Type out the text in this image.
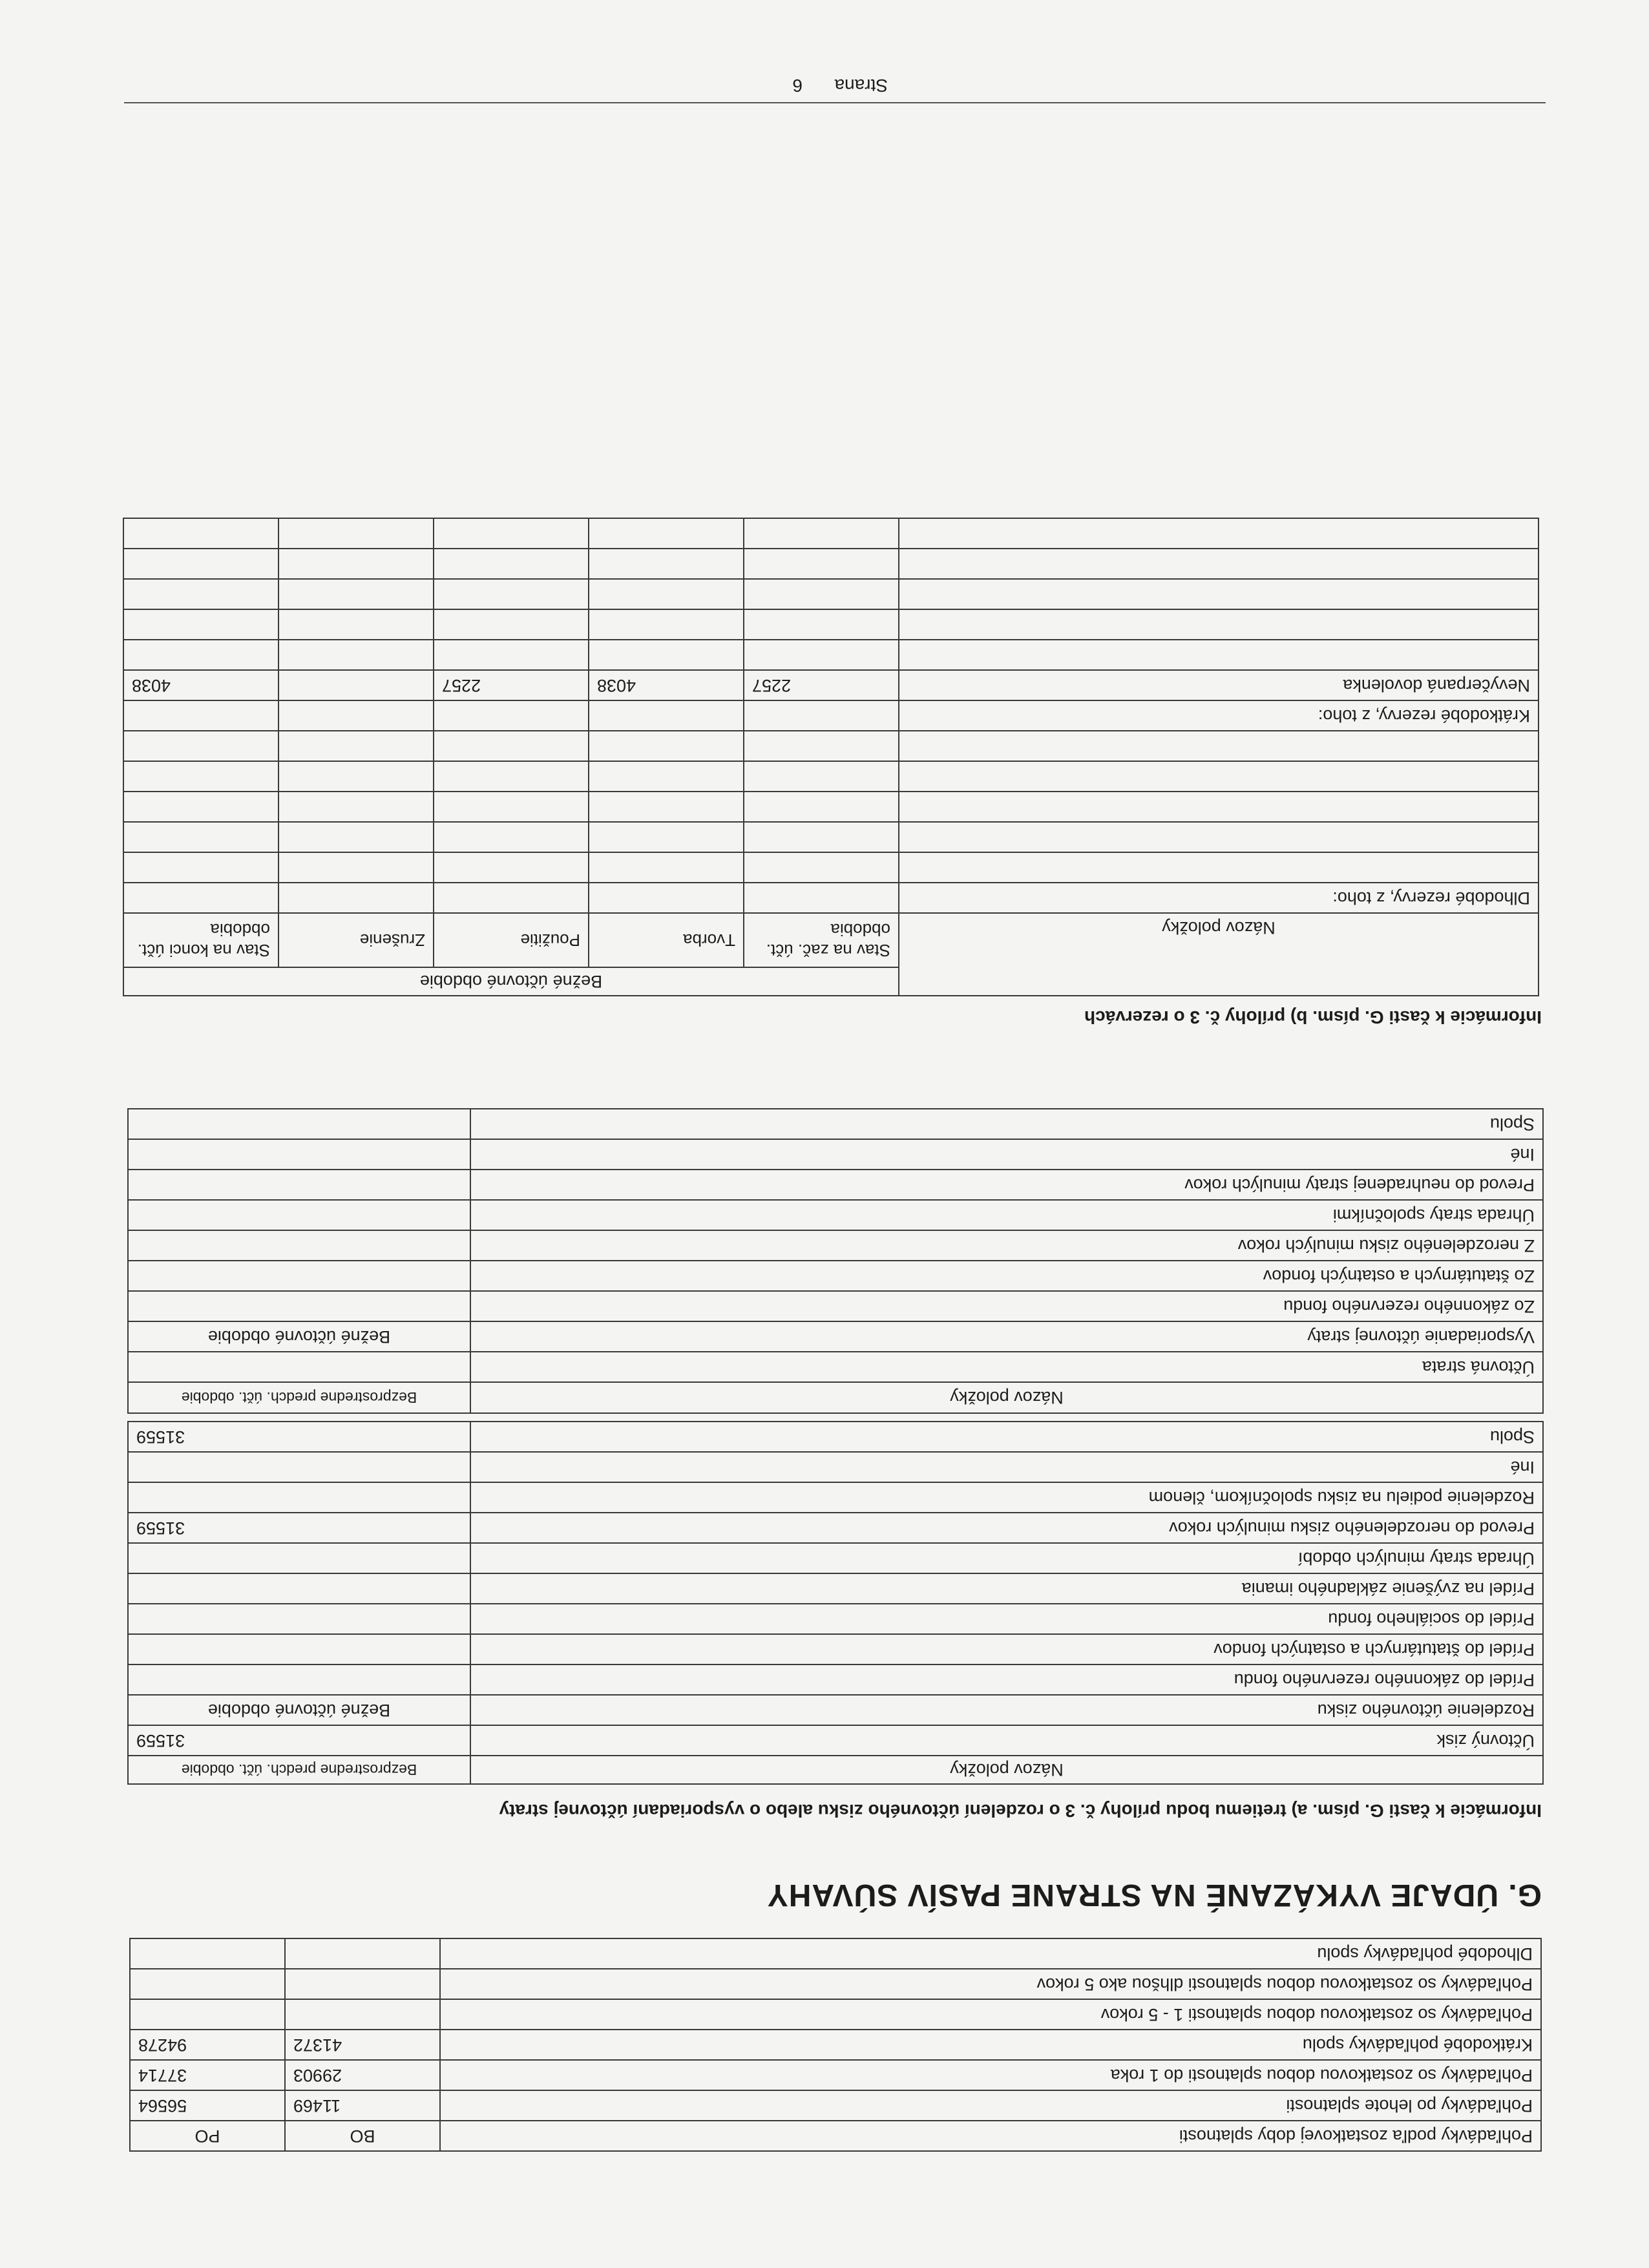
Pohľadávky podľa zostatkovej doby splatnosti	BO	PO
Pohľadávky po lehote splatnosti	11469	56564
Pohľadávky so zostatkovou dobou splatnosti do 1 roka	29903	37714
Krátkodobé pohľadávky spolu	41372	94278
Pohľadávky so zostatkovou dobou splatnosti 1 - 5 rokov		
Pohľadávky so zostatkovou dobou splatnosti dlhšou ako 5 rokov		
Dlhodobé pohľadávky spolu		
G. ÚDAJE VYKÁZANÉ NA STRANE PASÍV SÚVAHY
Informácie k časti G. písm. a) tretiemu bodu prílohy č. 3 o rozdelení účtovného zisku alebo o vysporiadaní účtovnej straty
Názov položky	Bezprostredne predch. účt. obdobie
Účtovný zisk	31559
Rozdelenie účtovného zisku	Bežné účtovné obdobie
Prídel do zákonného rezervného fondu	
Prídel do štatutárnych a ostatných fondov	
Prídel do sociálneho fondu	
Prídel na zvýšenie základného imania	
Úhrada straty minulých období	
Prevod do nerozdeleného zisku minulých rokov	31559
Rozdelenie podielu na zisku spoločníkom, členom	
Iné	
Spolu	31559
Názov položky	Bezprostredne predch. účt. obdobie
Účtovná strata	
Vysporiadanie účtovnej straty	Bežné účtovné obdobie
Zo zákonného rezervného fondu	
Zo štatutárnych a ostatných fondov	
Z nerozdeleného zisku minulých rokov	
Úhrada straty spoločníkmi	
Prevod do neuhradenej straty minulých rokov	
Iné	
Spolu	
Informácie k časti G. písm. b) prílohy č. 3 o rezervách
Názov položky	Bežné účtovné obdobie				
	Stav na zač. účt. obdobia	Tvorba	Použitie	Zrušenie	Stav na konci účt. obdobia
Dlhodobé rezervy, z toho:					

Krátkodobé rezervy, z toho:					
Nevyčerpaná dovolenka	2257	4038	2257		4038

Strana  6
